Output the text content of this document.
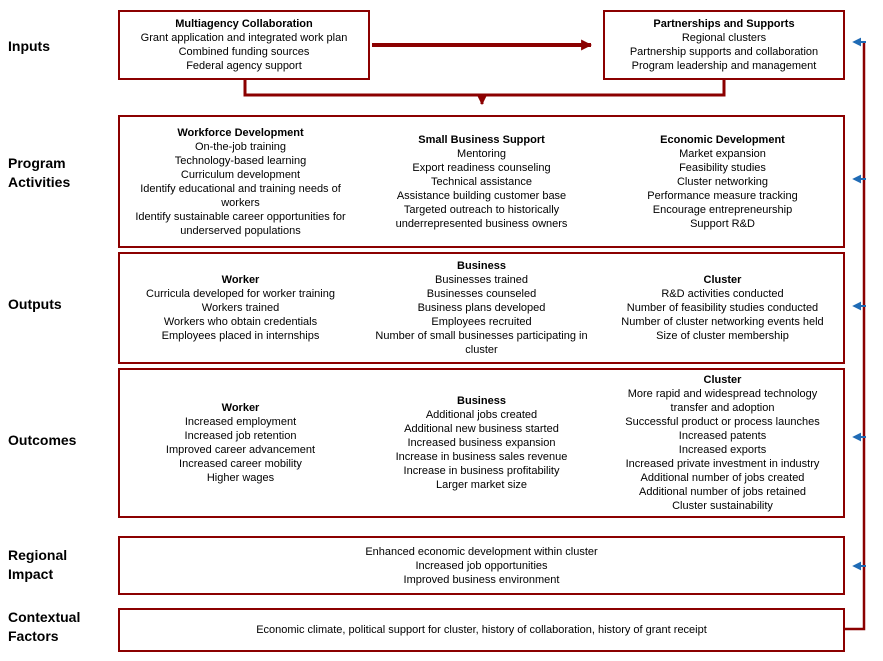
Inputs
Program Activities
Outputs
Outcomes
Regional Impact
Contextual Factors
Multiagency Collaboration
Grant application and integrated work plan
Combined funding sources
Federal agency support
Partnerships and Supports
Regional clusters
Partnership supports and collaboration
Program leadership and management
Workforce Development
On-the-job training
Technology-based learning
Curriculum development
Identify educational and training needs of workers
Identify sustainable career opportunities for underserved populations
Small Business Support
Mentoring
Export readiness counseling
Technical assistance
Assistance building customer base
Targeted outreach to historically underrepresented business owners
Economic Development
Market expansion
Feasibility studies
Cluster networking
Performance measure tracking
Encourage entrepreneurship
Support R&D
Worker
Curricula developed for worker training
Workers trained
Workers who obtain credentials
Employees placed in internships
Business
Businesses trained
Businesses counseled
Business plans developed
Employees recruited
Number of small businesses participating in cluster
Cluster
R&D activities conducted
Number of feasibility studies conducted
Number of cluster networking events held
Size of cluster membership
Worker
Increased employment
Increased job retention
Improved career advancement
Increased career mobility
Higher wages
Business
Additional jobs created
Additional new business started
Increased business expansion
Increase in business sales revenue
Increase in business profitability
Larger market size
Cluster
More rapid and widespread technology transfer and adoption
Successful product or process launches
Increased patents
Increased exports
Increased private investment in industry
Additional number of jobs created
Additional number of jobs retained
Cluster sustainability
Enhanced economic development within cluster
Increased job opportunities
Improved business environment
Economic climate, political support for cluster, history of collaboration, history of grant receipt
